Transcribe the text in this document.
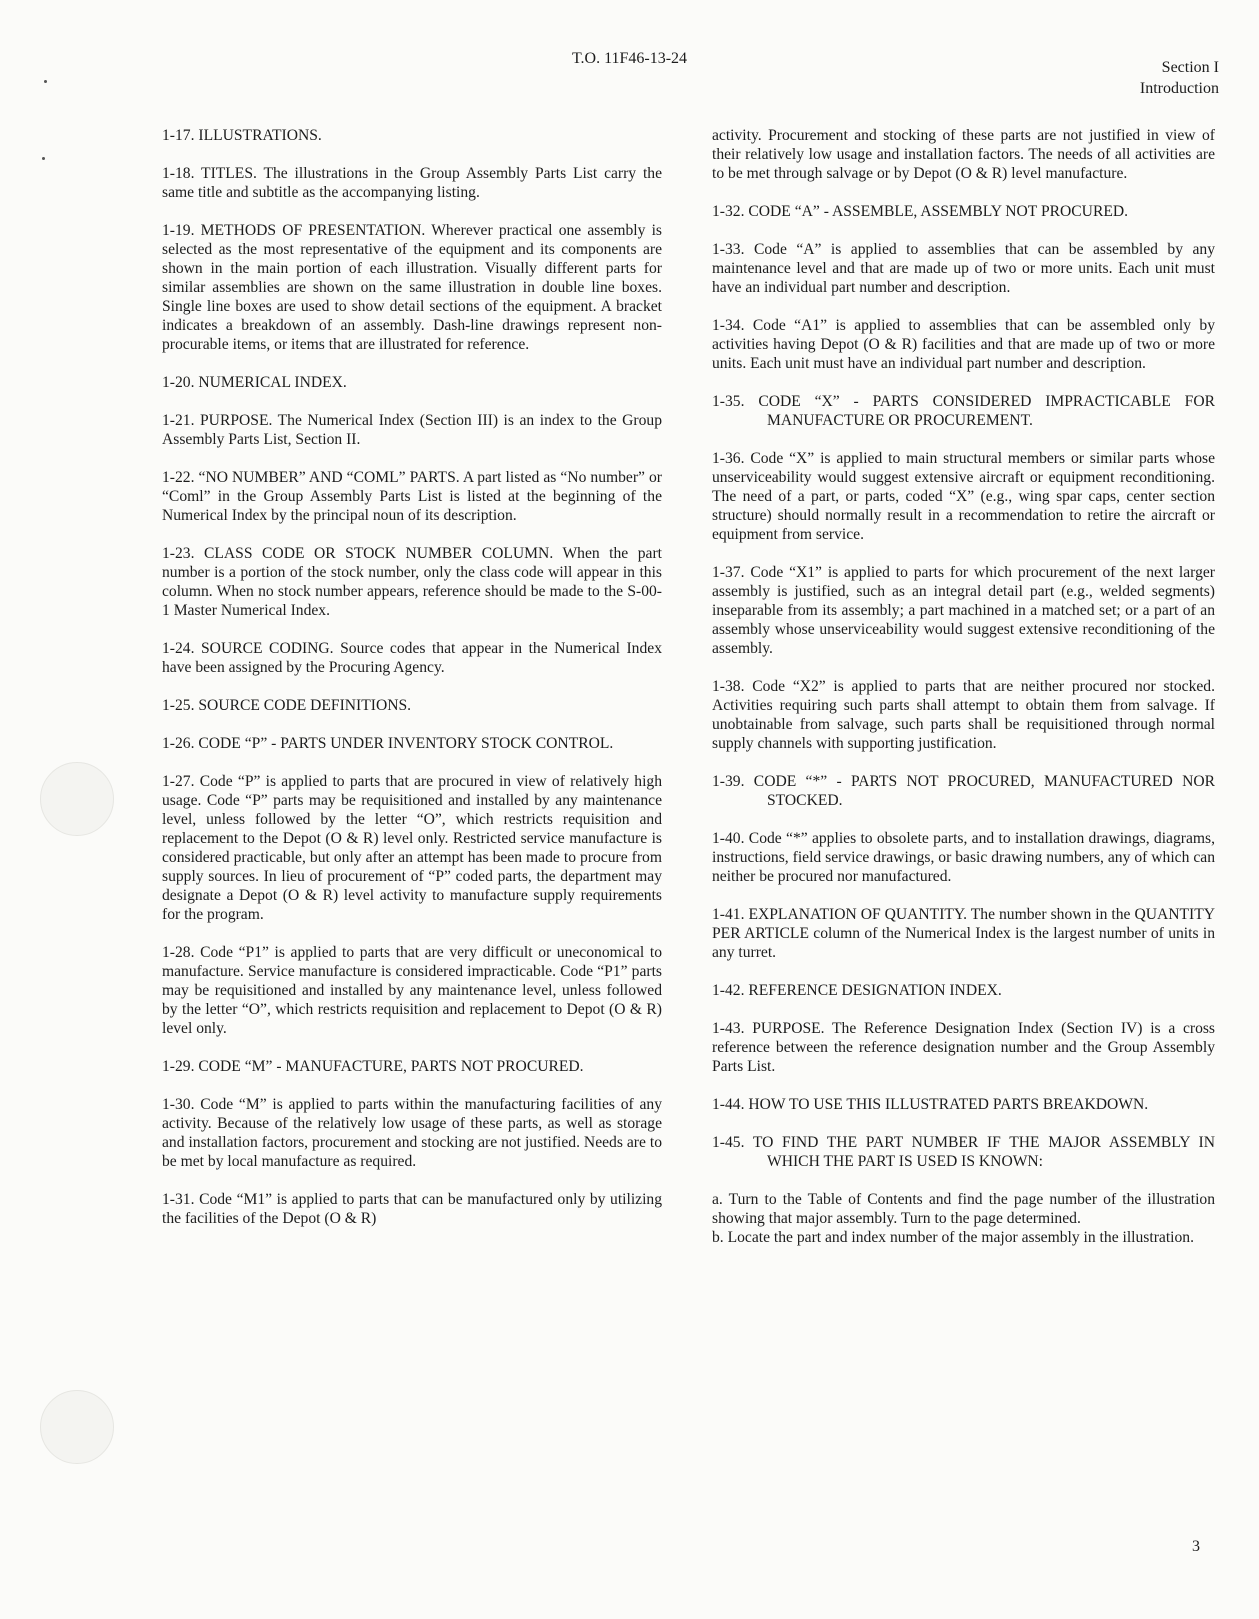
T.O. 11F46-13-24
Section I
Introduction
1-17. ILLUSTRATIONS.
1-18. TITLES. The illustrations in the Group Assembly Parts List carry the same title and subtitle as the accompanying listing.
1-19. METHODS OF PRESENTATION. Wherever practical one assembly is selected as the most representative of the equipment and its components are shown in the main portion of each illustration. Visually different parts for similar assemblies are shown on the same illustration in double line boxes. Single line boxes are used to show detail sections of the equipment. A bracket indicates a breakdown of an assembly. Dash-line drawings represent non-procurable items, or items that are illustrated for reference.
1-20. NUMERICAL INDEX.
1-21. PURPOSE. The Numerical Index (Section III) is an index to the Group Assembly Parts List, Section II.
1-22. “NO NUMBER” AND “COML” PARTS. A part listed as “No number” or “Coml” in the Group Assembly Parts List is listed at the beginning of the Numerical Index by the principal noun of its description.
1-23. CLASS CODE OR STOCK NUMBER COLUMN. When the part number is a portion of the stock number, only the class code will appear in this column. When no stock number appears, reference should be made to the S-00-1 Master Numerical Index.
1-24. SOURCE CODING. Source codes that appear in the Numerical Index have been assigned by the Procuring Agency.
1-25. SOURCE CODE DEFINITIONS.
1-26. CODE “P” - PARTS UNDER INVENTORY STOCK CONTROL.
1-27. Code “P” is applied to parts that are procured in view of relatively high usage. Code “P” parts may be requisitioned and installed by any maintenance level, unless followed by the letter “O”, which restricts requisition and replacement to the Depot (O & R) level only. Restricted service manufacture is considered practicable, but only after an attempt has been made to procure from supply sources. In lieu of procurement of “P” coded parts, the department may designate a Depot (O & R) level activity to manufacture supply requirements for the program.
1-28. Code “P1” is applied to parts that are very difficult or uneconomical to manufacture. Service manufacture is considered impracticable. Code “P1” parts may be requisitioned and installed by any maintenance level, unless followed by the letter “O”, which restricts requisition and replacement to Depot (O & R) level only.
1-29. CODE “M” - MANUFACTURE, PARTS NOT PROCURED.
1-30. Code “M” is applied to parts within the manufacturing facilities of any activity. Because of the relatively low usage of these parts, as well as storage and installation factors, procurement and stocking are not justified. Needs are to be met by local manufacture as required.
1-31. Code “M1” is applied to parts that can be manufactured only by utilizing the facilities of the Depot (O & R)
activity. Procurement and stocking of these parts are not justified in view of their relatively low usage and installation factors. The needs of all activities are to be met through salvage or by Depot (O & R) level manufacture.
1-32. CODE “A” - ASSEMBLE, ASSEMBLY NOT PROCURED.
1-33. Code “A” is applied to assemblies that can be assembled by any maintenance level and that are made up of two or more units. Each unit must have an individual part number and description.
1-34. Code “A1” is applied to assemblies that can be assembled only by activities having Depot (O & R) facilities and that are made up of two or more units. Each unit must have an individual part number and description.
1-35. CODE “X” - PARTS CONSIDERED IMPRACTICABLE FOR MANUFACTURE OR PROCUREMENT.
1-36. Code “X” is applied to main structural members or similar parts whose unserviceability would suggest extensive aircraft or equipment reconditioning. The need of a part, or parts, coded “X” (e.g., wing spar caps, center section structure) should normally result in a recommendation to retire the aircraft or equipment from service.
1-37. Code “X1” is applied to parts for which procurement of the next larger assembly is justified, such as an integral detail part (e.g., welded segments) inseparable from its assembly; a part machined in a matched set; or a part of an assembly whose unserviceability would suggest extensive reconditioning of the assembly.
1-38. Code “X2” is applied to parts that are neither procured nor stocked. Activities requiring such parts shall attempt to obtain them from salvage. If unobtainable from salvage, such parts shall be requisitioned through normal supply channels with supporting justification.
1-39. CODE “*” - PARTS NOT PROCURED, MANUFACTURED NOR STOCKED.
1-40. Code “*” applies to obsolete parts, and to installation drawings, diagrams, instructions, field service drawings, or basic drawing numbers, any of which can neither be procured nor manufactured.
1-41. EXPLANATION OF QUANTITY. The number shown in the QUANTITY PER ARTICLE column of the Numerical Index is the largest number of units in any turret.
1-42. REFERENCE DESIGNATION INDEX.
1-43. PURPOSE. The Reference Designation Index (Section IV) is a cross reference between the reference designation number and the Group Assembly Parts List.
1-44. HOW TO USE THIS ILLUSTRATED PARTS BREAKDOWN.
1-45. TO FIND THE PART NUMBER IF THE MAJOR ASSEMBLY IN WHICH THE PART IS USED IS KNOWN:
a. Turn to the Table of Contents and find the page number of the illustration showing that major assembly. Turn to the page determined.
b. Locate the part and index number of the major assembly in the illustration.
3
